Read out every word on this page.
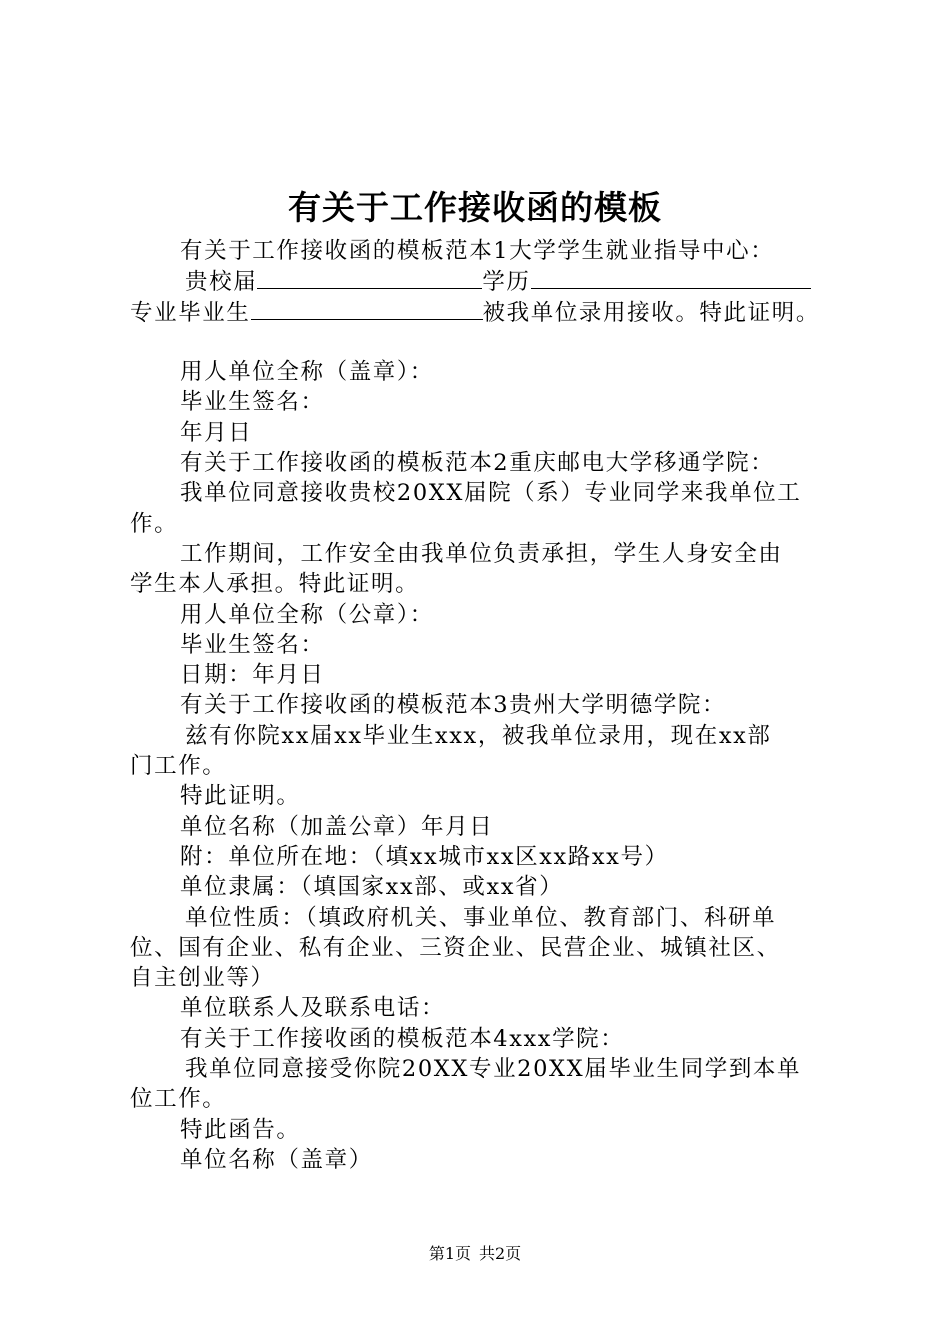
有关于工作接收函的模板
有关于工作接收函的模板范本1大学学生就业指导中心：
贵校届	学历
专业毕业生	被我单位录用接收。特此证明。
用人单位全称（盖章）：
毕业生签名：
年月日
有关于工作接收函的模板范本2重庆邮电大学移通学院：
我单位同意接收贵校20XX届院（系）专业同学来我单位工
作。
工作期间，工作安全由我单位负责承担，学生人身安全由
学生本人承担。特此证明。
用人单位全称（公章）：
毕业生签名：
日期：年月日
有关于工作接收函的模板范本3贵州大学明德学院：
兹有你院xx届xx毕业生xxx，被我单位录用，现在xx部
门工作。
特此证明。
单位名称（加盖公章）年月日
附：单位所在地：（填xx城市xx区xx路xx号）
单位隶属：（填国家xx部、或xx省）
单位性质：（填政府机关、事业单位、教育部门、科研单
位、国有企业、私有企业、三资企业、民营企业、城镇社区、
自主创业等）
单位联系人及联系电话：
有关于工作接收函的模板范本4xxx学院：
我单位同意接受你院20XX专业20XX届毕业生同学到本单
位工作。
特此函告。
单位名称（盖章）
第1页 共2页
